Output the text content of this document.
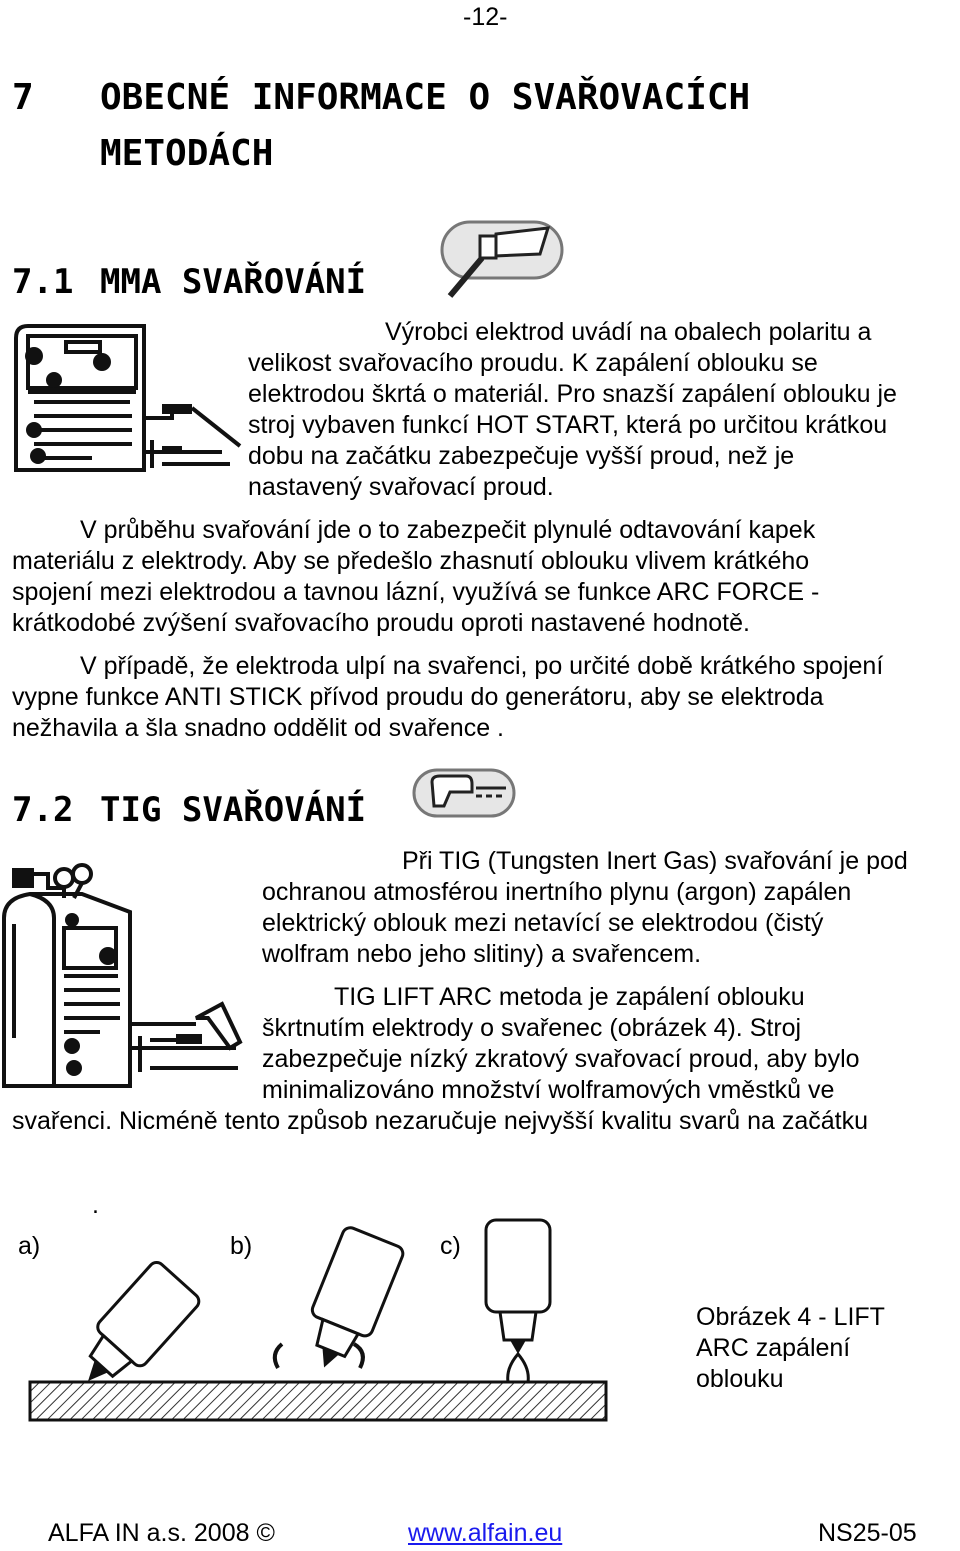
-12-
7 OBECNÉ INFORMACE O SVAŘOVACÍCH
METODÁCH
7.1 MMA SVAŘOVÁNÍ
Výrobci elektrod uvádí na obalech polaritu a
velikost svařovacího proudu. K zapálení oblouku se
elektrodou škrtá o materiál. Pro snazší zapálení oblouku je
stroj vybaven funkcí HOT START, která po určitou krátkou
dobu na začátku zabezpečuje vyšší proud, než je
nastavený svařovací proud.
V průběhu svařování jde o to zabezpečit plynulé odtavování kapek
materiálu z elektrody. Aby se předešlo zhasnutí oblouku vlivem krátkého
spojení mezi elektrodou a tavnou lázní, využívá se funkce ARC FORCE -
krátkodobé zvýšení svařovacího proudu oproti nastavené hodnotě.
V případě, že elektroda ulpí na svařenci, po určité době krátkého spojení
vypne funkce ANTI STICK přívod proudu do generátoru, aby se elektroda
nežhavila a šla snadno oddělit od svařence .
7.2 TIG SVAŘOVÁNÍ
Při TIG (Tungsten Inert Gas) svařování je pod
ochranou atmosférou inertního plynu (argon) zapálen
elektrický oblouk mezi netavící se elektrodou (čistý
wolfram nebo jeho slitiny) a svařencem.
TIG LIFT ARC metoda je zapálení oblouku
škrtnutím elektrody o svařenec (obrázek 4). Stroj
zabezpečuje nízký zkratový svařovací proud, aby bylo
minimalizováno množství wolframových vměstků ve
svařenci. Nicméně tento způsob nezaručuje nejvyšší kvalitu svarů na začátku
.
a)	b)	c)
Obrázek 4 - LIFT
ARC zapálení
oblouku
ALFA IN a.s. 2008 ©	www.alfain.eu	NS25-05
